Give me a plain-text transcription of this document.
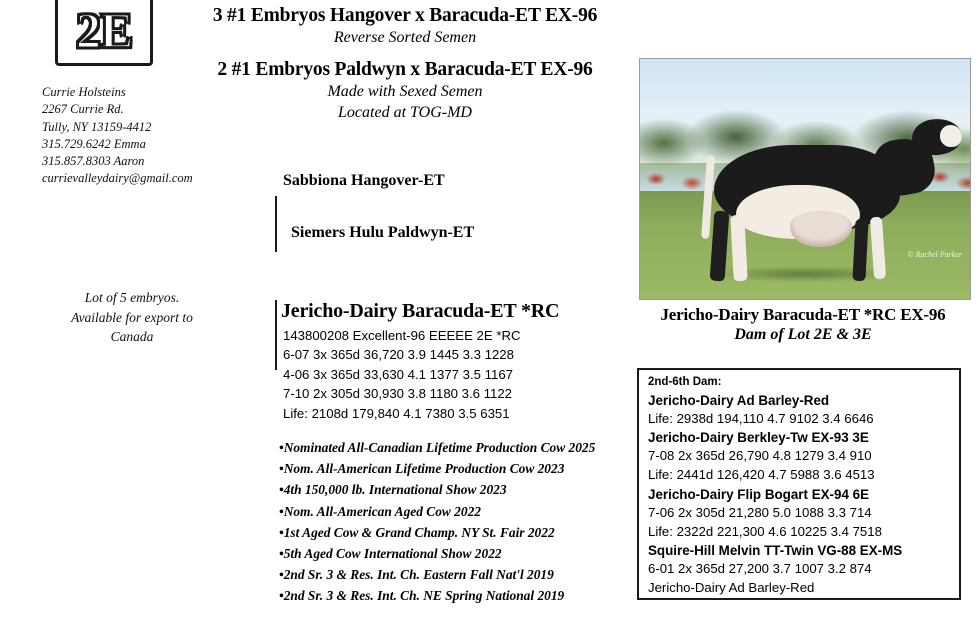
2E
Currie Holsteins
2267 Currie Rd.
Tully, NY 13159-4412
315.729.6242 Emma
315.857.8303 Aaron
currievalleydairy@gmail.com
Lot of 5 embryos.
Available for export to
Canada
3 #1 Embryos Hangover x Baracuda-ET EX-96
Reverse Sorted Semen
2 #1 Embryos Paldwyn x Baracuda-ET EX-96
Made with Sexed Semen
Located at TOG-MD
Sabbiona Hangover-ET
Siemers Hulu Paldwyn-ET
Jericho-Dairy Baracuda-ET *RC
143800208 Excellent-96 EEEEE 2E *RC
6-07 3x 365d 36,720 3.9 1445 3.3 1228
4-06 3x 365d 33,630 4.1 1377 3.5 1167
7-10 2x 305d 30,930 3.8 1180 3.6 1122
Life: 2108d 179,840 4.1 7380 3.5 6351
•Nominated All-Canadian Lifetime Production Cow 2025
•Nom. All-American Lifetime Production Cow 2023
•4th 150,000 lb. International Show 2023
•Nom. All-American Aged Cow 2022
•1st Aged Cow & Grand Champ. NY St. Fair 2022
•5th Aged Cow International Show 2022
•2nd Sr. 3 & Res. Int. Ch. Eastern Fall Nat'l 2019
•2nd Sr. 3 & Res. Int. Ch. NE Spring National 2019
© Rachel Parker
Jericho-Dairy Baracuda-ET *RC EX-96
Dam of Lot 2E & 3E
2nd-6th Dam:
Jericho-Dairy Ad Barley-Red
Life: 2938d 194,110 4.7 9102 3.4 6646
Jericho-Dairy Berkley-Tw EX-93 3E
7-08 2x 365d 26,790 4.8 1279 3.4 910
Life: 2441d 126,420 4.7 5988 3.6 4513
Jericho-Dairy Flip Bogart EX-94 6E
7-06 2x 305d 21,280 5.0 1088 3.3 714
Life: 2322d 221,300 4.6 10225 3.4 7518
Squire-Hill Melvin TT-Twin VG-88 EX-MS
6-01 2x 365d 27,200 3.7 1007 3.2 874
Jericho-Dairy Ad Barley-Red
